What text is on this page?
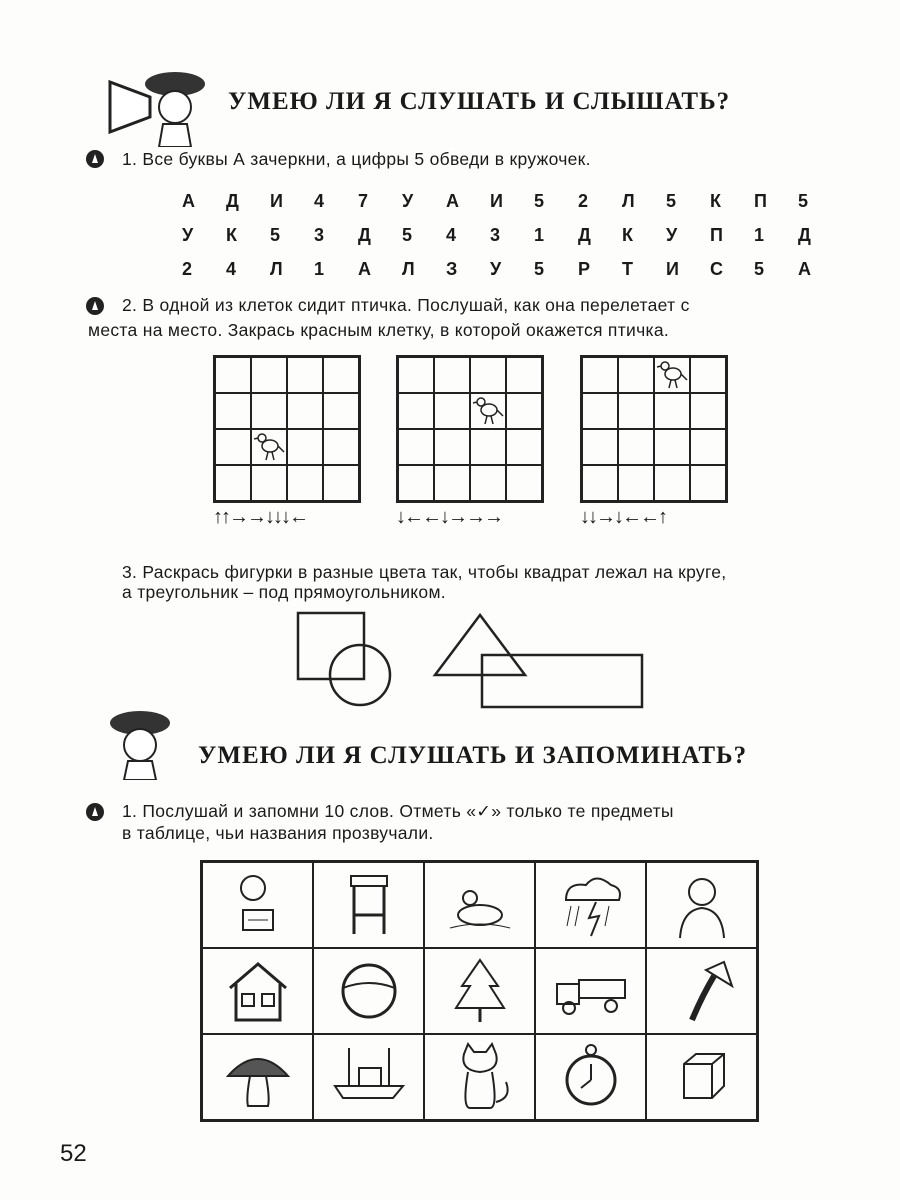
УМЕЮ ЛИ Я СЛУШАТЬ И СЛЫШАТЬ?
1. Все буквы А зачеркни, а цифры 5 обведи в кружочек.
А	Д	И	4	7	У	А	И	5	2	Л	5	К	П	5
У	К	5	3	Д	5	4	3	1	Д	К	У	П	1	Д
2	4	Л	1	А	Л	З	У	5	Р	Т	И	С	5	А
2. В одной из клеток сидит птичка. Послушай, как она перелетает с
места на место. Закрась красным клетку, в которой окажется птичка.
↑↑→→↓↓↓←	↓←←↓→→→	↓↓→↓←←↑
3. Раскрась фигурки в разные цвета так, чтобы квадрат лежал на круге,
а треугольник – под прямоугольником.
УМЕЮ ЛИ Я СЛУШАТЬ И ЗАПОМИНАТЬ?
1. Послушай и запомни 10 слов. Отметь «✓» только те предметы
в таблице, чьи названия прозвучали.
52
